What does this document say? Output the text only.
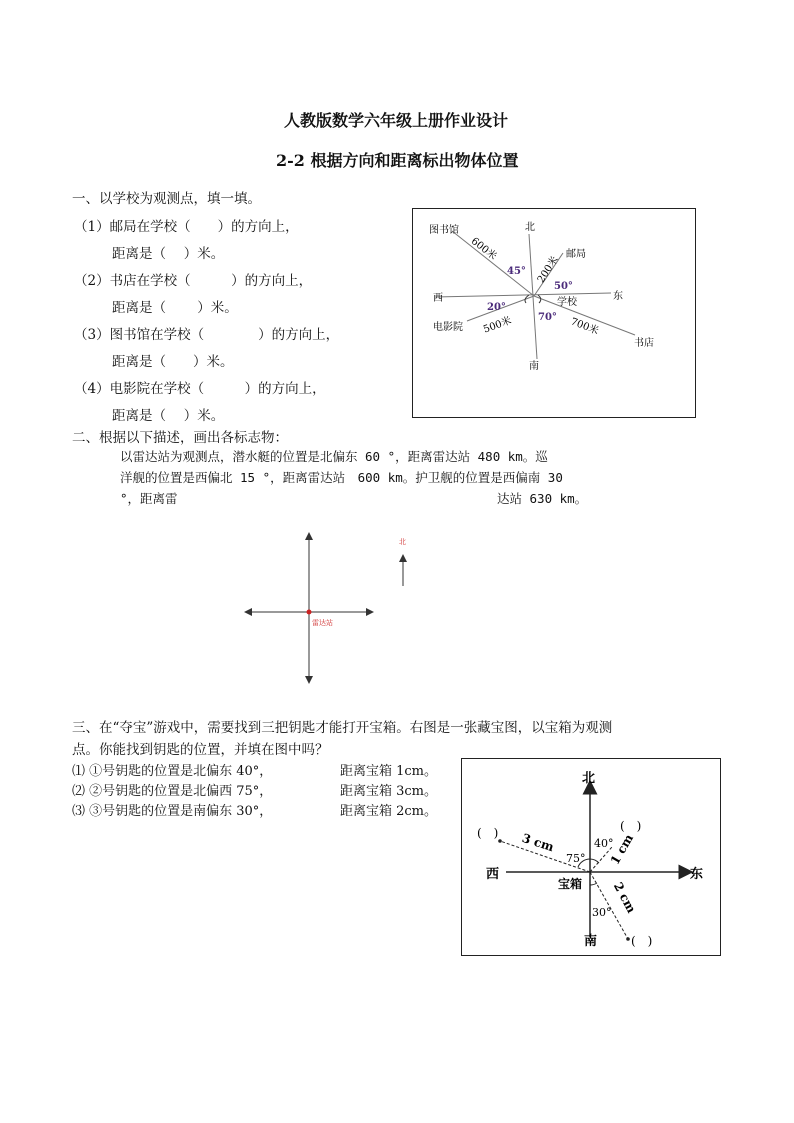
人教版数学六年级上册作业设计
2-2 根据方向和距离标出物体位置
一、以学校为观测点，填一填。
（1）邮局在学校（　　）的方向上，
距离是（　 ）米。
（2）书店在学校（　　　）的方向上，
距离是（　　 ）米。
（3）图书馆在学校（　　　　）的方向上，
距离是（　　）米。
（4）电影院在学校（　　　）的方向上，
距离是（　 ）米。
图书馆	北
邮局
西	东
学校
电影院
书店
南
600米
200米
500米	700米
45°
50°
20°
70°
二、根据以下描述，画出各标志物：
以雷达站为观测点，潜水艇的位置是北偏东 60 °，距离雷达站 480 km。巡
洋舰的位置是西偏北 15 °，距离雷达站　600 km。护卫舰的位置是西偏南 30
°，距离雷	达站 630 km。
雷达站
北
三、在“夺宝”游戏中，需要找到三把钥匙才能打开宝箱。右图是一张藏宝图，以宝箱为观测
点。你能找到钥匙的位置，并填在图中吗？
⑴ ①号钥匙的位置是北偏东 40°，	距离宝箱 1cm。
⑵ ②号钥匙的位置是北偏西 75°，	距离宝箱 3cm。
⑶ ③号钥匙的位置是南偏东 30°，	距离宝箱 2cm。
北
南
西	东
宝箱
40°
75°
30°
1 cm
3 cm
2 cm
(　)
(　)
(　)
